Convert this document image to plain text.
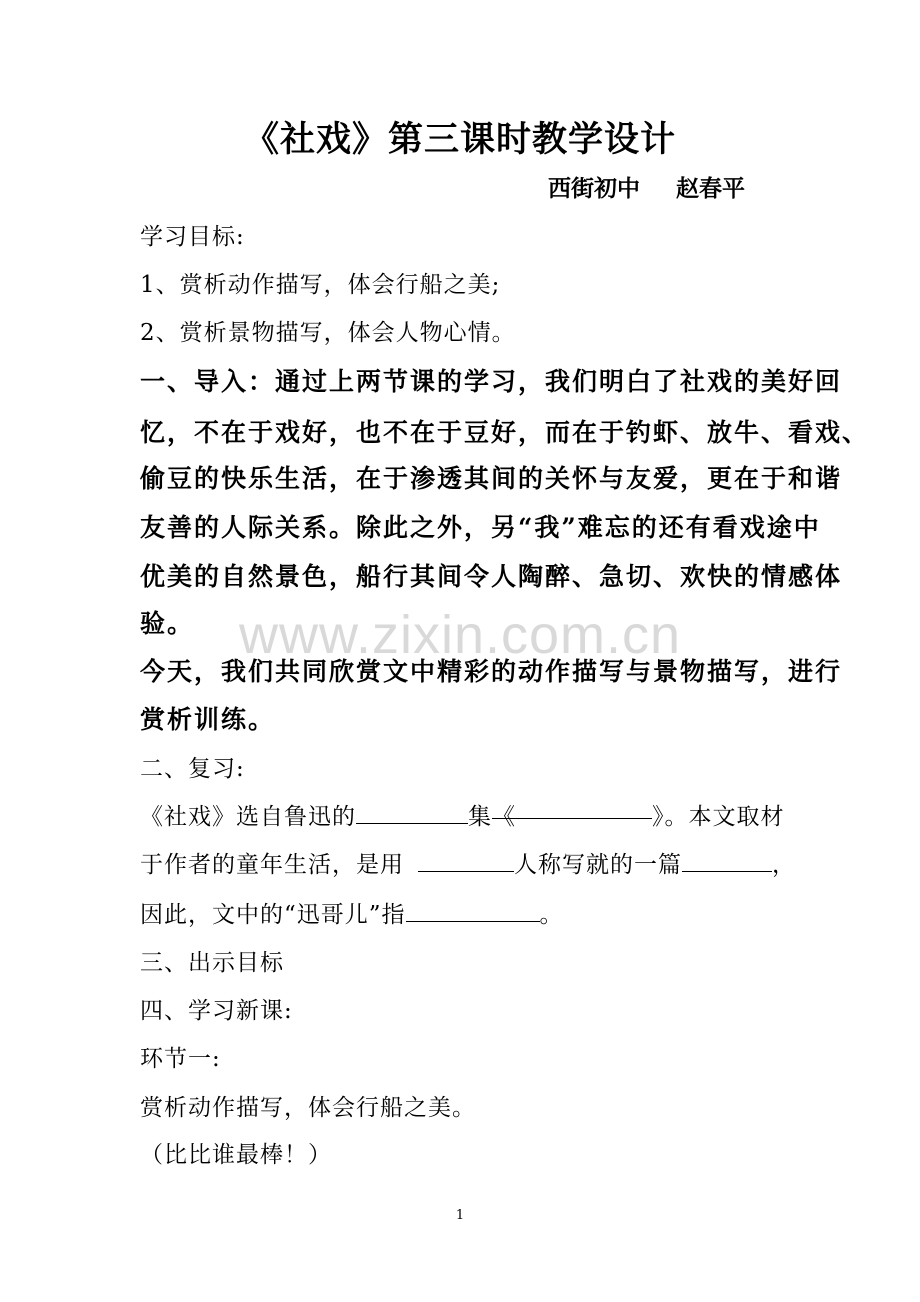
《社戏》第三课时教学设计
西街初中 赵春平
学习目标:
1、赏析动作描写，体会行船之美;
2、赏析景物描写，体会人物心情。
一、导入：通过上两节课的学习，我们明白了社戏的美好回
忆，不在于戏好，也不在于豆好，而在于钓虾、放牛、看戏、
偷豆的快乐生活，在于渗透其间的关怀与友爱，更在于和谐
友善的人际关系。除此之外，另“我”难忘的还有看戏途中
优美的自然景色，船行其间令人陶醉、急切、欢快的情感体
验。
今天，我们共同欣赏文中精彩的动作描写与景物描写，进行
赏析训练。
二、复习:
《社戏》选自鲁迅的	集《	》。本文取材
于作者的童年生活，是用	人称写就的一篇	，
因此，文中的“迅哥儿”指	。
三、出示目标
四、学习新课:
环节一:
赏析动作描写，体会行船之美。
（比比谁最棒！）
www.zixin.com.cn
1
